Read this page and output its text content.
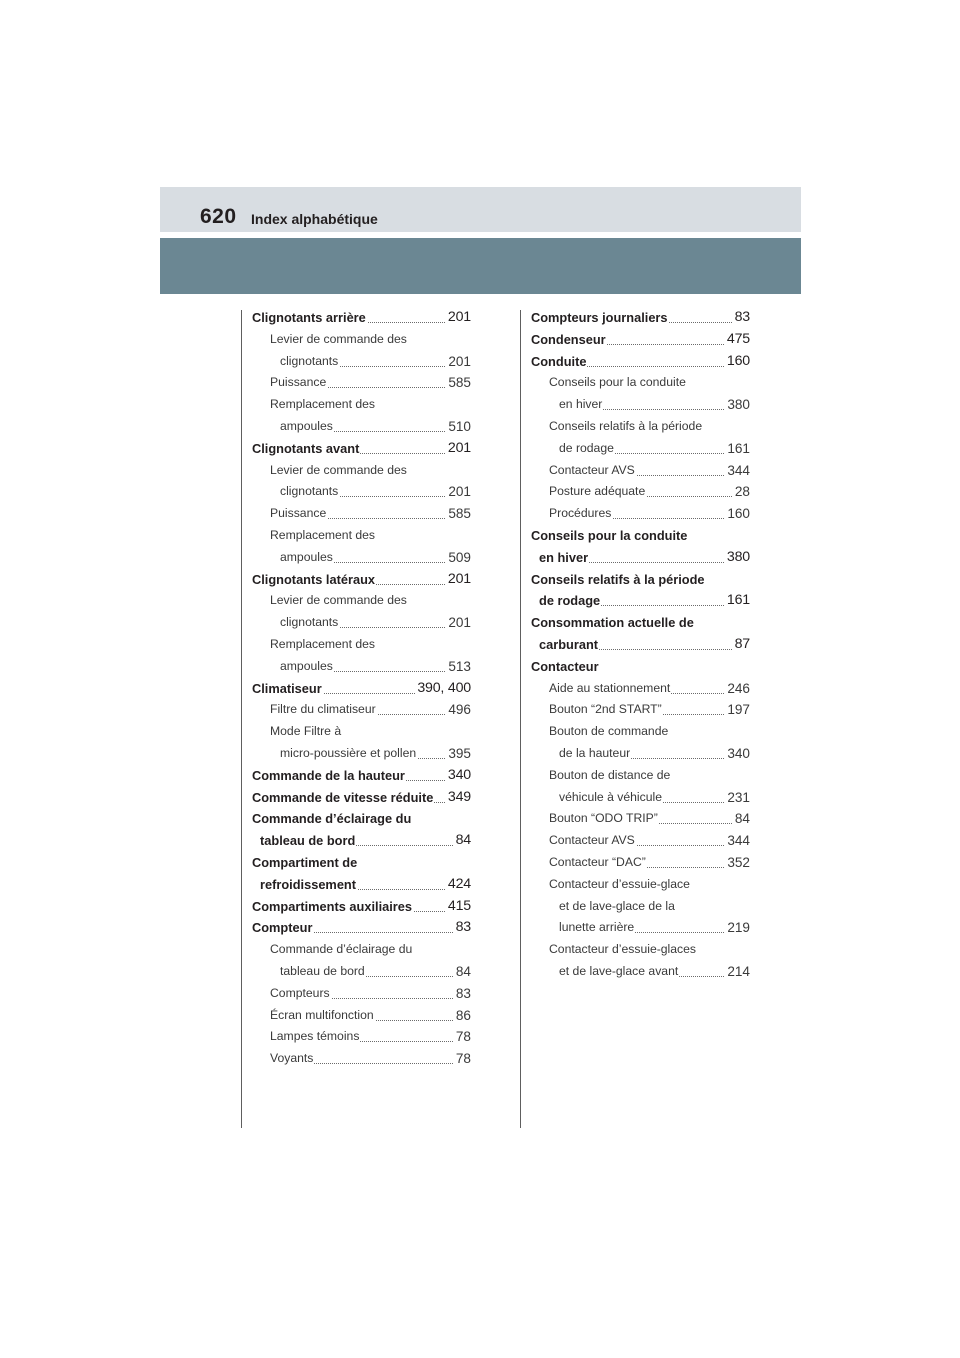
620 Index alphabétique
Clignotants arrière	201
Levier de commande des
clignotants	201
Puissance	585
Remplacement des
ampoules	510
Clignotants avant	201
Levier de commande des
clignotants	201
Puissance	585
Remplacement des
ampoules	509
Clignotants latéraux	201
Levier de commande des
clignotants	201
Remplacement des
ampoules	513
Climatiseur	390, 400
Filtre du climatiseur	496
Mode Filtre à
micro-poussière et pollen 395
Commande de la hauteur	340
Commande de vitesse réduite 349
Commande d’éclairage du
tableau de bord	84
Compartiment de
refroidissement	424
Compartiments auxiliaires	415
Compteur	83
Commande d’éclairage du
tableau de bord	84
Compteurs	83
Écran multifonction	86
Lampes témoins	78
Voyants	78
Compteurs journaliers	83
Condenseur	475
Conduite	160
Conseils pour la conduite
en hiver	380
Conseils relatifs à la période
de rodage	161
Contacteur AVS	344
Posture adéquate	28
Procédures	160
Conseils pour la conduite
en hiver	380
Conseils relatifs à la période
de rodage	161
Consommation actuelle de
carburant	87
Contacteur
Aide au stationnement	246
Bouton “2nd START”	197
Bouton de commande
de la hauteur	340
Bouton de distance de
véhicule à véhicule	231
Bouton “ODO TRIP”	84
Contacteur AVS	344
Contacteur “DAC”	352
Contacteur d’essuie-glace
et de lave-glace de la
lunette arrière	219
Contacteur d’essuie-glaces
et de lave-glace avant	214
